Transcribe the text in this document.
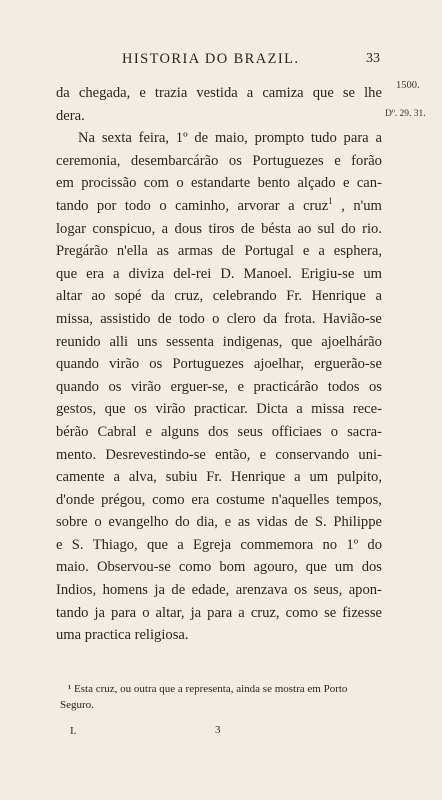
HISTORIA DO BRAZIL.	33
1500.
Dº. 29. 31.
da chegada, e trazia vestida a camiza que se lhe
dera.
Na sexta feira, 1º de maio, prompto tudo para a
ceremonia, desembarcárão os Portuguezes e forão
em procissão com o estandarte bento alçado e can-
tando por todo o caminho, arvorar a cruz$^1$ , n'um
logar conspicuo, a dous tiros de bésta ao sul do rio.
Pregárão n'ella as armas de Portugal e a esphera,
que era a diviza del-rei D. Manoel. Erigiu-se um
altar ao sopé da cruz, celebrando Fr. Henrique a
missa, assistido de todo o clero da frota. Havião-se
reunido alli uns sessenta indigenas, que ajoelhárão
quando virão os Portuguezes ajoelhar, erguerão-se
quando os virão erguer-se, e practicárão todos os
gestos, que os virão practicar. Dicta a missa rece-
bérão Cabral e alguns dos seus officiaes o sacra-
mento. Desrevestindo-se então, e conservando uni-
camente a alva, subiu Fr. Henrique a um pulpito,
d'onde prégou, como era costume n'aquelles tempos,
sobre o evangelho do dia, e as vidas de S. Philippe
e S. Thiago, que a Egreja commemora no 1º do
maio. Observou-se como bom agouro, que um dos
Indios, homens ja de edade, arenzava os seus, apon-
tando ja para o altar, ja para a cruz, como se fizesse
uma practica religiosa.
¹ Esta cruz, ou outra que a representa, ainda se mostra em Porto
Seguro.
I.	3
